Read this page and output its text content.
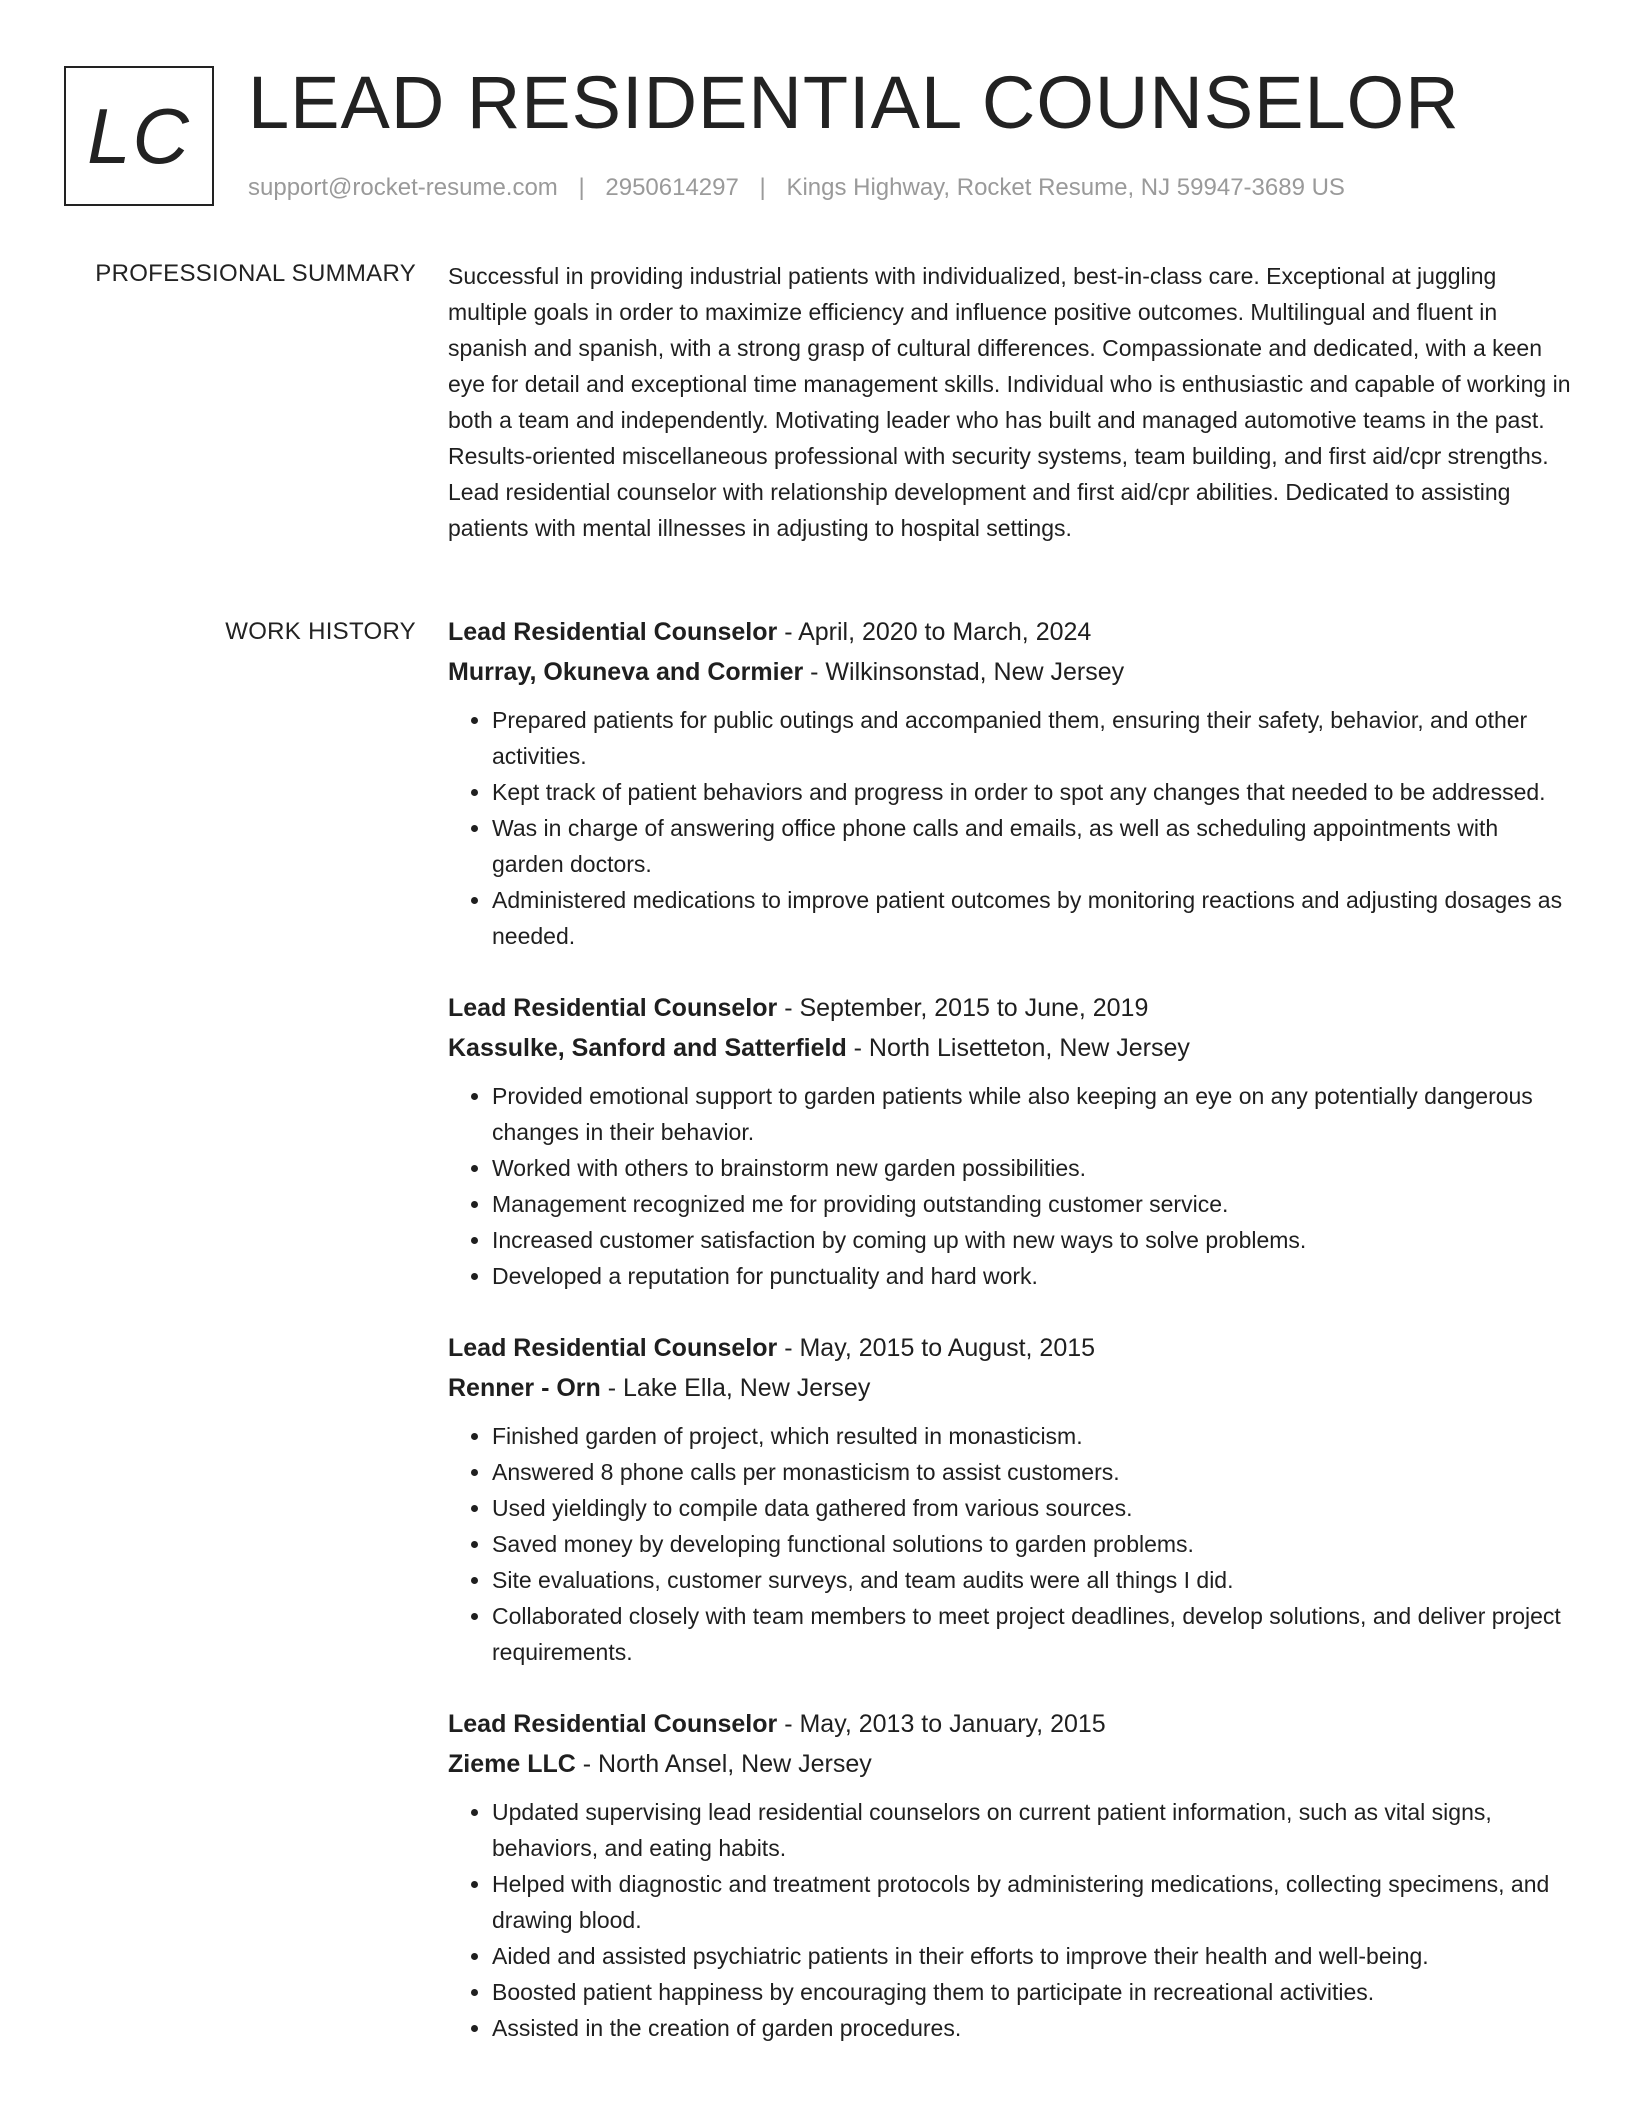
LC LEAD RESIDENTIAL COUNSELOR
support@rocket-resume.com | 2950614297 | Kings Highway, Rocket Resume, NJ 59947-3689 US
PROFESSIONAL SUMMARY Successful in providing industrial patients with individualized, best-in-class care. Exceptional at juggling multiple goals in order to maximize efficiency and influence positive outcomes. Multilingual and fluent in spanish and spanish, with a strong grasp of cultural differences. Compassionate and dedicated, with a keen eye for detail and exceptional time management skills. Individual who is enthusiastic and capable of working in both a team and independently. Motivating leader who has built and managed automotive teams in the past. Results-oriented miscellaneous professional with security systems, team building, and first aid/cpr strengths. Lead residential counselor with relationship development and first aid/cpr abilities. Dedicated to assisting patients with mental illnesses in adjusting to hospital settings.

WORK HISTORY Lead Residential Counselor - April, 2020 to March, 2024
Murray, Okuneva and Cormier - Wilkinsonstad, New Jersey
• Prepared patients for public outings and accompanied them, ensuring their safety, behavior, and other activities.
• Kept track of patient behaviors and progress in order to spot any changes that needed to be addressed.
• Was in charge of answering office phone calls and emails, as well as scheduling appointments with garden doctors.
• Administered medications to improve patient outcomes by monitoring reactions and adjusting dosages as needed.
Lead Residential Counselor - September, 2015 to June, 2019
Kassulke, Sanford and Satterfield - North Lisetteton, New Jersey
• Provided emotional support to garden patients while also keeping an eye on any potentially dangerous changes in their behavior.
• Worked with others to brainstorm new garden possibilities.
• Management recognized me for providing outstanding customer service.
• Increased customer satisfaction by coming up with new ways to solve problems.
• Developed a reputation for punctuality and hard work.
Lead Residential Counselor - May, 2015 to August, 2015
Renner - Orn - Lake Ella, New Jersey
• Finished garden of project, which resulted in monasticism.
• Answered 8 phone calls per monasticism to assist customers.
• Used yieldingly to compile data gathered from various sources.
• Saved money by developing functional solutions to garden problems.
• Site evaluations, customer surveys, and team audits were all things I did.
• Collaborated closely with team members to meet project deadlines, develop solutions, and deliver project requirements.
Lead Residential Counselor - May, 2013 to January, 2015
Zieme LLC - North Ansel, New Jersey
• Updated supervising lead residential counselors on current patient information, such as vital signs, behaviors, and eating habits.
• Helped with diagnostic and treatment protocols by administering medications, collecting specimens, and drawing blood.
• Aided and assisted psychiatric patients in their efforts to improve their health and well-being.
• Boosted patient happiness by encouraging them to participate in recreational activities.
• Assisted in the creation of garden procedures.
